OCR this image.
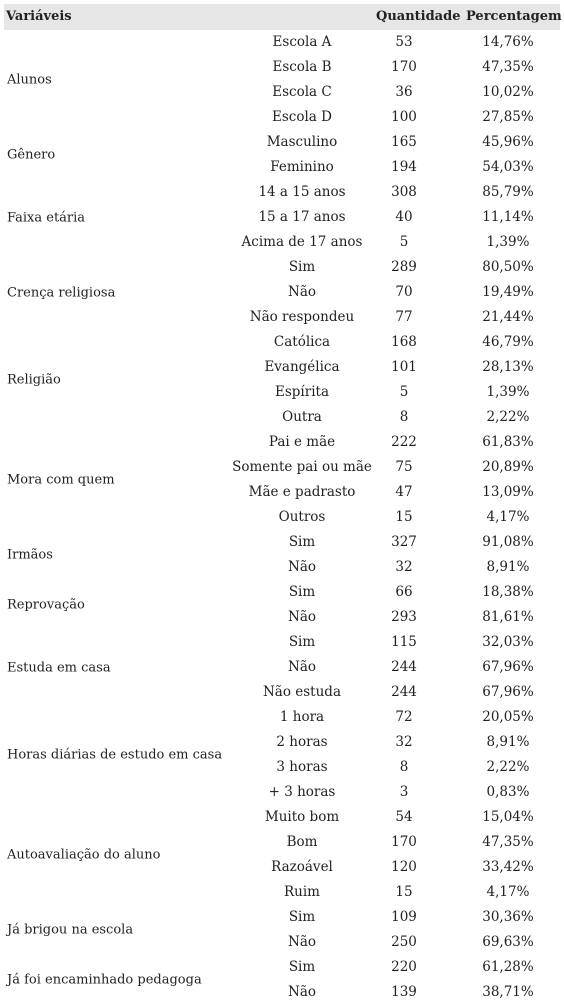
Variáveis	Quantidade Percentagem
Alunos
Escola A	53	14,76%
Escola B	170	47,35%
Escola C	36	10,02%
Escola D	100	27,85%
Gênero
Masculino	165	45,96%
Feminino	194	54,03%
Faixa etária
14 a 15 anos	308	85,79%
15 a 17 anos	40	11,14%
Acima de 17 anos	5	1,39%
Crença religiosa
Sim	289	80,50%
Não	70	19,49%
Não respondeu	77	21,44%
Religião
Católica	168	46,79%
Evangélica	101	28,13%
Espírita	5	1,39%
Outra	8	2,22%
Mora com quem
Pai e mãe	222	61,83%
Somente pai ou mãe	75	20,89%
Mãe e padrasto	47	13,09%
Outros	15	4,17%
Irmãos
Sim	327	91,08%
Não	32	8,91%
Reprovação
Sim	66	18,38%
Não	293	81,61%
Estuda em casa
Sim	115	32,03%
Não	244	67,96%
Não estuda	244	67,96%
Horas diárias de estudo em casa
1 hora	72	20,05%
2 horas	32	8,91%
3 horas	8	2,22%
+ 3 horas	3	0,83%
Autoavaliação do aluno
Muito bom	54	15,04%
Bom	170	47,35%
Razoável	120	33,42%
Ruim	15	4,17%
Já brigou na escola
Sim	109	30,36%
Não	250	69,63%
Já foi encaminhado pedagoga
Sim	220	61,28%
Não	139	38,71%
